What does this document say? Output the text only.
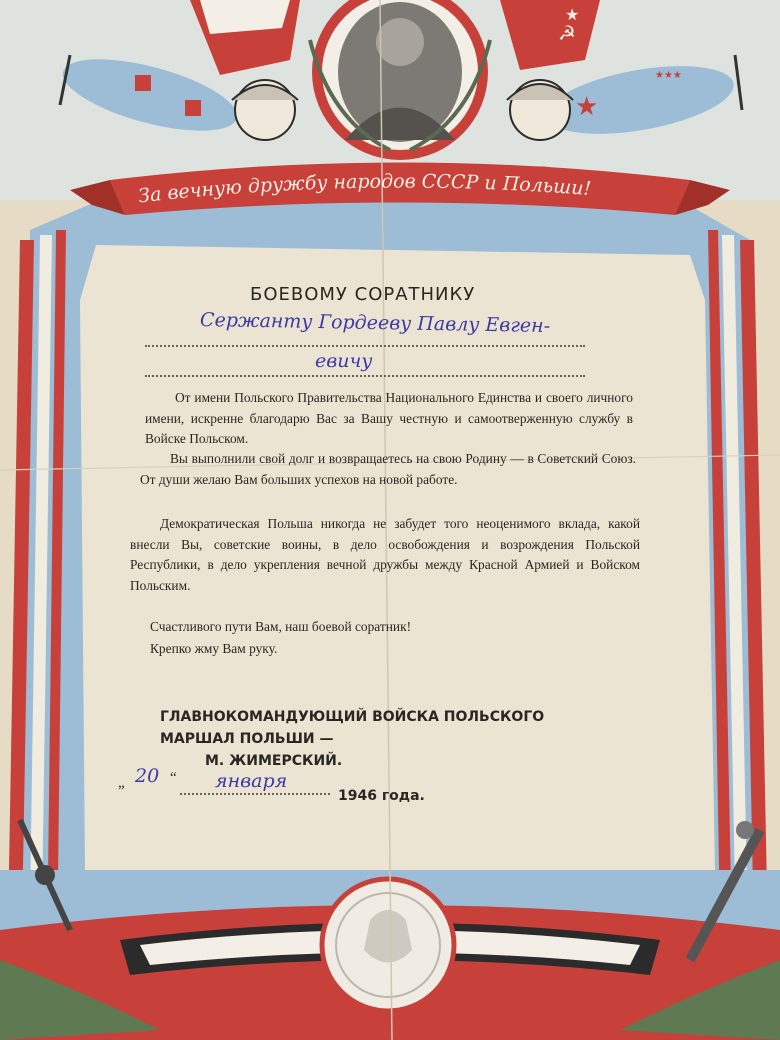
☭
★
★
★★★
За вечную дружбу народов СССР и Польши!
БОЕВОМУ СОРАТНИКУ
Сержанту Гордееву Павлу Евген-
евичу
От имени Польского Правительства Национального Единства и своего личного имени, искренне благодарю Вас за Вашу честную и самоотверженную службу в Войске Польском.
Вы выполнили свой долг и возвращаетесь на свою Родину — в Советский Союз. От души желаю Вам больших успехов на новой работе.
Демократическая Польша никогда не забудет того неоценимого вклада, какой внесли Вы, советские воины, в дело освобождения и возрождения Польской Республики, в дело укрепления вечной дружбы между Красной Армией и Войском Польским.
Счастливого пути Вам, наш боевой соратник!
Крепко жму Вам руку.
ГЛАВНОКОМАНДУЮЩИЙ ВОЙСКА ПОЛЬСКОГО
МАРШАЛ ПОЛЬШИ —
М. ЖИМЕРСКИЙ.
„ 20 “ января
1946 года.
